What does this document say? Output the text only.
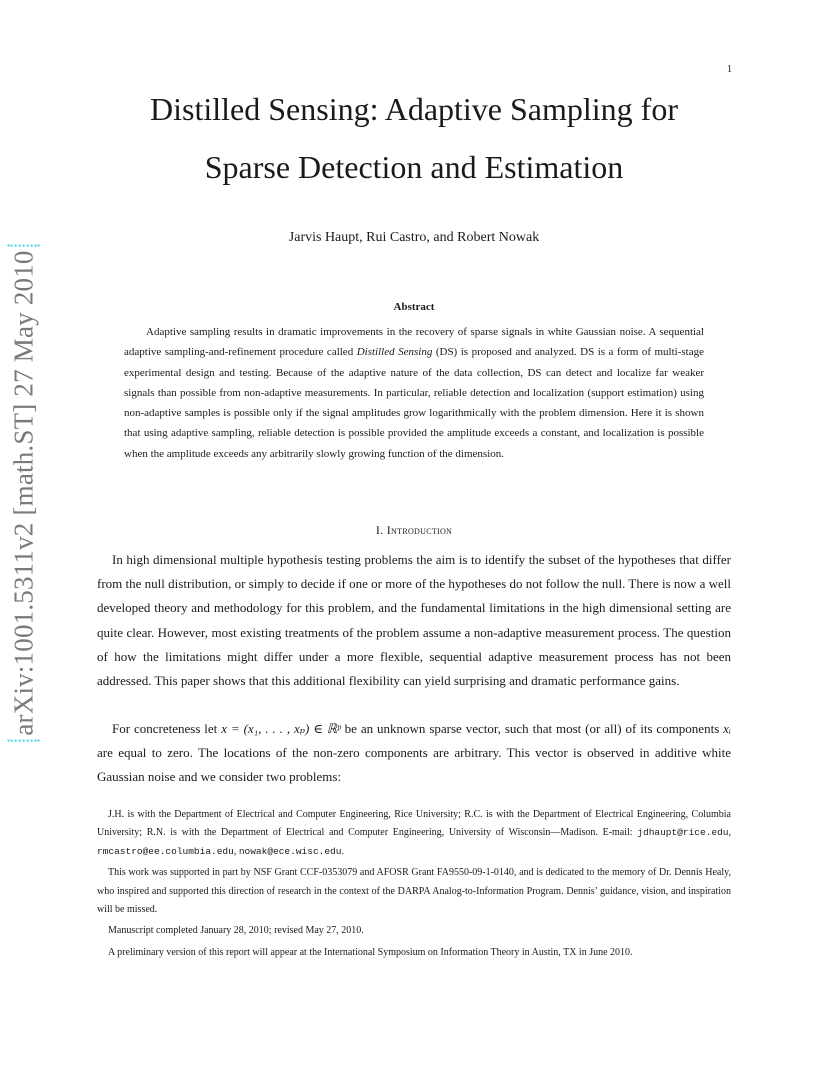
1
arXiv:1001.5311v2 [math.ST] 27 May 2010
Distilled Sensing: Adaptive Sampling for
Sparse Detection and Estimation
Jarvis Haupt, Rui Castro, and Robert Nowak
Abstract

Adaptive sampling results in dramatic improvements in the recovery of sparse signals in white Gaussian noise. A sequential adaptive sampling-and-refinement procedure called Distilled Sensing (DS) is proposed and analyzed. DS is a form of multi-stage experimental design and testing. Because of the adaptive nature of the data collection, DS can detect and localize far weaker signals than possible from non-adaptive measurements. In particular, reliable detection and localization (support estimation) using non-adaptive samples is possible only if the signal amplitudes grow logarithmically with the problem dimension. Here it is shown that using adaptive sampling, reliable detection is possible provided the amplitude exceeds a constant, and localization is possible when the amplitude exceeds any arbitrarily slowly growing function of the dimension.

I. Introduction

In high dimensional multiple hypothesis testing problems the aim is to identify the subset of the hypotheses that differ from the null distribution, or simply to decide if one or more of the hypotheses do not follow the null. There is now a well developed theory and methodology for this problem, and the fundamental limitations in the high dimensional setting are quite clear. However, most existing treatments of the problem assume a non-adaptive measurement process. The question of how the limitations might differ under a more flexible, sequential adaptive measurement process has not been addressed. This paper shows that this additional flexibility can yield surprising and dramatic performance gains.

For concreteness let x = (x₁, . . . , xₚ) ∈ ℝᵖ be an unknown sparse vector, such that most (or all) of its components xᵢ are equal to zero. The locations of the non-zero components are arbitrary. This vector is observed in additive white Gaussian noise and we consider two problems:

J.H. is with the Department of Electrical and Computer Engineering, Rice University; R.C. is with the Department of Electrical Engineering, Columbia University; R.N. is with the Department of Electrical and Computer Engineering, University of Wisconsin—Madison. E-mail: jdhaupt@rice.edu, rmcastro@ee.columbia.edu, nowak@ece.wisc.edu.

This work was supported in part by NSF Grant CCF-0353079 and AFOSR Grant FA9550-09-1-0140, and is dedicated to the memory of Dr. Dennis Healy, who inspired and supported this direction of research in the context of the DARPA Analog-to-Information Program. Dennis’ guidance, vision, and inspiration will be missed.

Manuscript completed January 28, 2010; revised May 27, 2010.

A preliminary version of this report will appear at the International Symposium on Information Theory in Austin, TX in June 2010.
